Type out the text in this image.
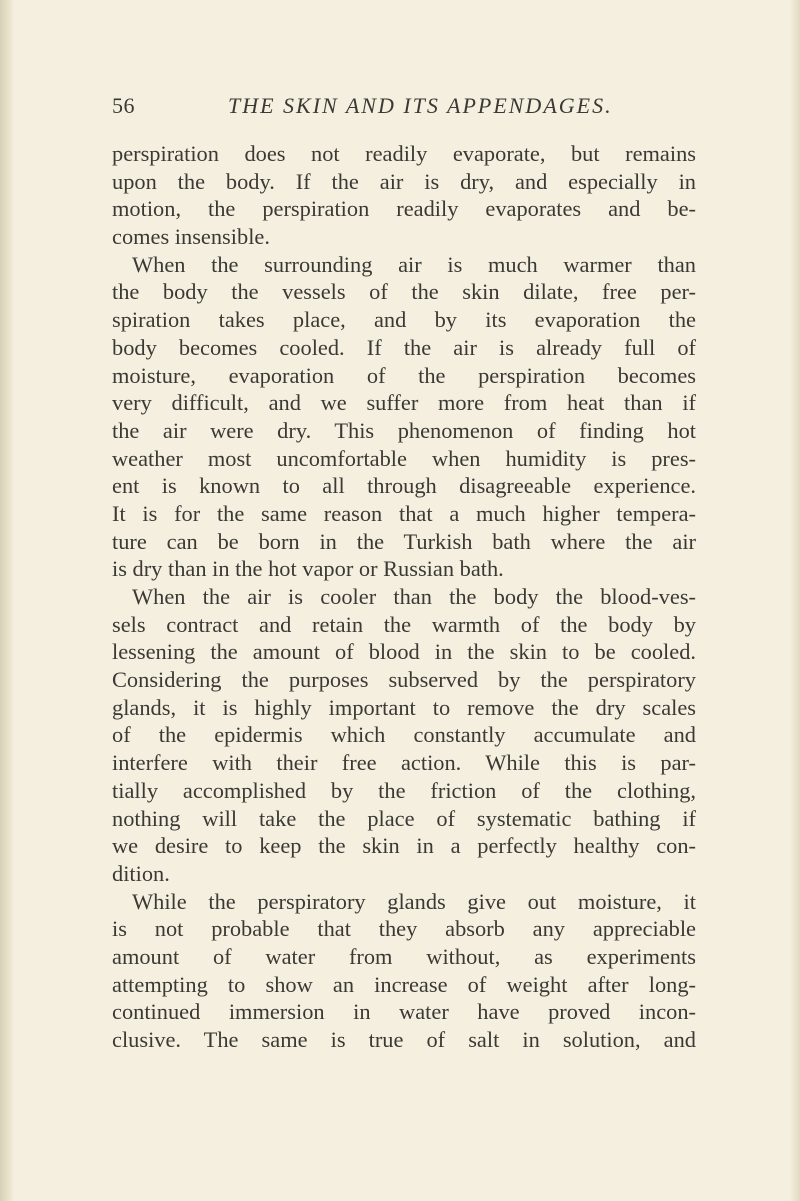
56	THE SKIN AND ITS APPENDAGES.
perspiration does not readily evaporate, but remains
upon the body. If the air is dry, and especially in
motion, the perspiration readily evaporates and be-
comes insensible.
When the surrounding air is much warmer than
the body the vessels of the skin dilate, free per-
spiration takes place, and by its evaporation the
body becomes cooled. If the air is already full of
moisture, evaporation of the perspiration becomes
very difficult, and we suffer more from heat than if
the air were dry. This phenomenon of finding hot
weather most uncomfortable when humidity is pres-
ent is known to all through disagreeable experience.
It is for the same reason that a much higher tempera-
ture can be born in the Turkish bath where the air
is dry than in the hot vapor or Russian bath.
When the air is cooler than the body the blood-ves-
sels contract and retain the warmth of the body by
lessening the amount of blood in the skin to be cooled.
Considering the purposes subserved by the perspiratory
glands, it is highly important to remove the dry scales
of the epidermis which constantly accumulate and
interfere with their free action. While this is par-
tially accomplished by the friction of the clothing,
nothing will take the place of systematic bathing if
we desire to keep the skin in a perfectly healthy con-
dition.
While the perspiratory glands give out moisture, it
is not probable that they absorb any appreciable
amount of water from without, as experiments
attempting to show an increase of weight after long-
continued immersion in water have proved incon-
clusive. The same is true of salt in solution, and
